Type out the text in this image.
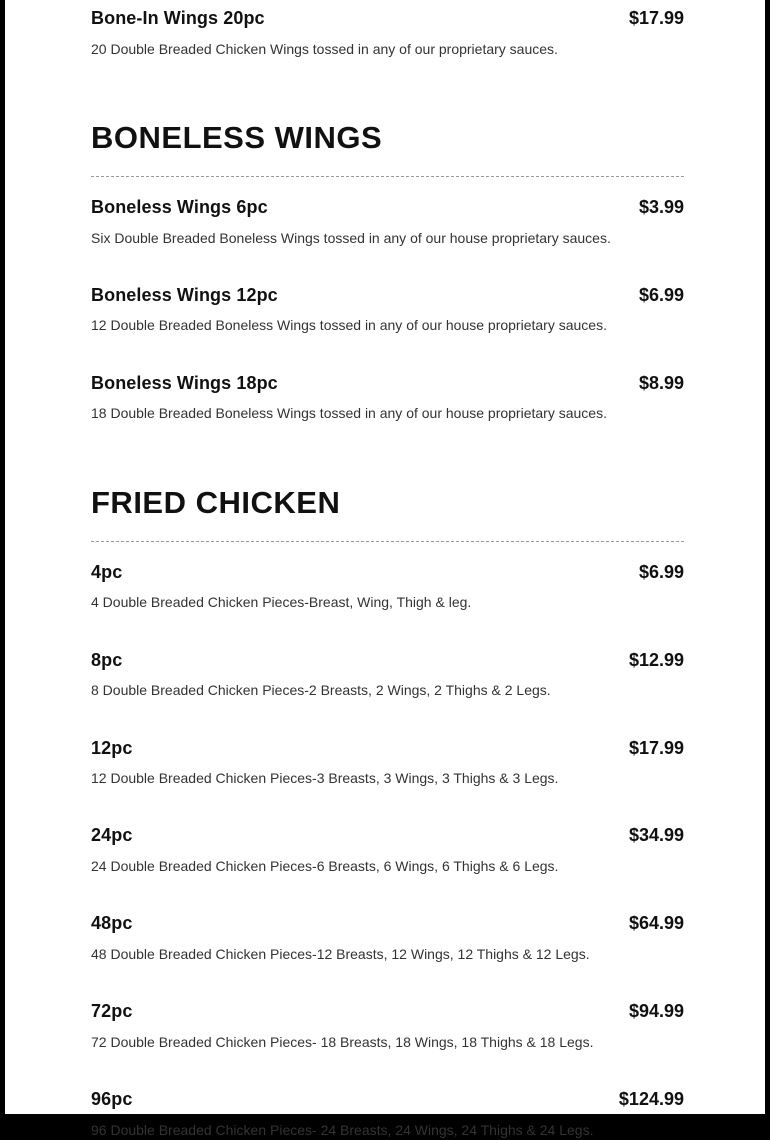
Bone-In Wings 20pc	$17.99
20 Double Breaded Chicken Wings tossed in any of our proprietary sauces.
BONELESS WINGS
Boneless Wings 6pc	$3.99
Six Double Breaded Boneless Wings tossed in any of our house proprietary sauces.
Boneless Wings 12pc	$6.99
12 Double Breaded Boneless Wings tossed in any of our house proprietary sauces.
Boneless Wings 18pc	$8.99
18 Double Breaded Boneless Wings tossed in any of our house proprietary sauces.
FRIED CHICKEN
4pc	$6.99
4 Double Breaded Chicken Pieces-Breast, Wing, Thigh & leg.
8pc	$12.99
8 Double Breaded Chicken Pieces-2 Breasts, 2 Wings, 2 Thighs & 2 Legs.
12pc	$17.99
12 Double Breaded Chicken Pieces-3 Breasts, 3 Wings, 3 Thighs & 3 Legs.
24pc	$34.99
24 Double Breaded Chicken Pieces-6 Breasts, 6 Wings, 6 Thighs & 6 Legs.
48pc	$64.99
48 Double Breaded Chicken Pieces-12 Breasts, 12 Wings, 12 Thighs & 12 Legs.
72pc	$94.99
72 Double Breaded Chicken Pieces- 18 Breasts, 18 Wings, 18 Thighs & 18 Legs.
96pc	$124.99
96 Double Breaded Chicken Pieces- 24 Breasts, 24 Wings, 24 Thighs & 24 Legs.
